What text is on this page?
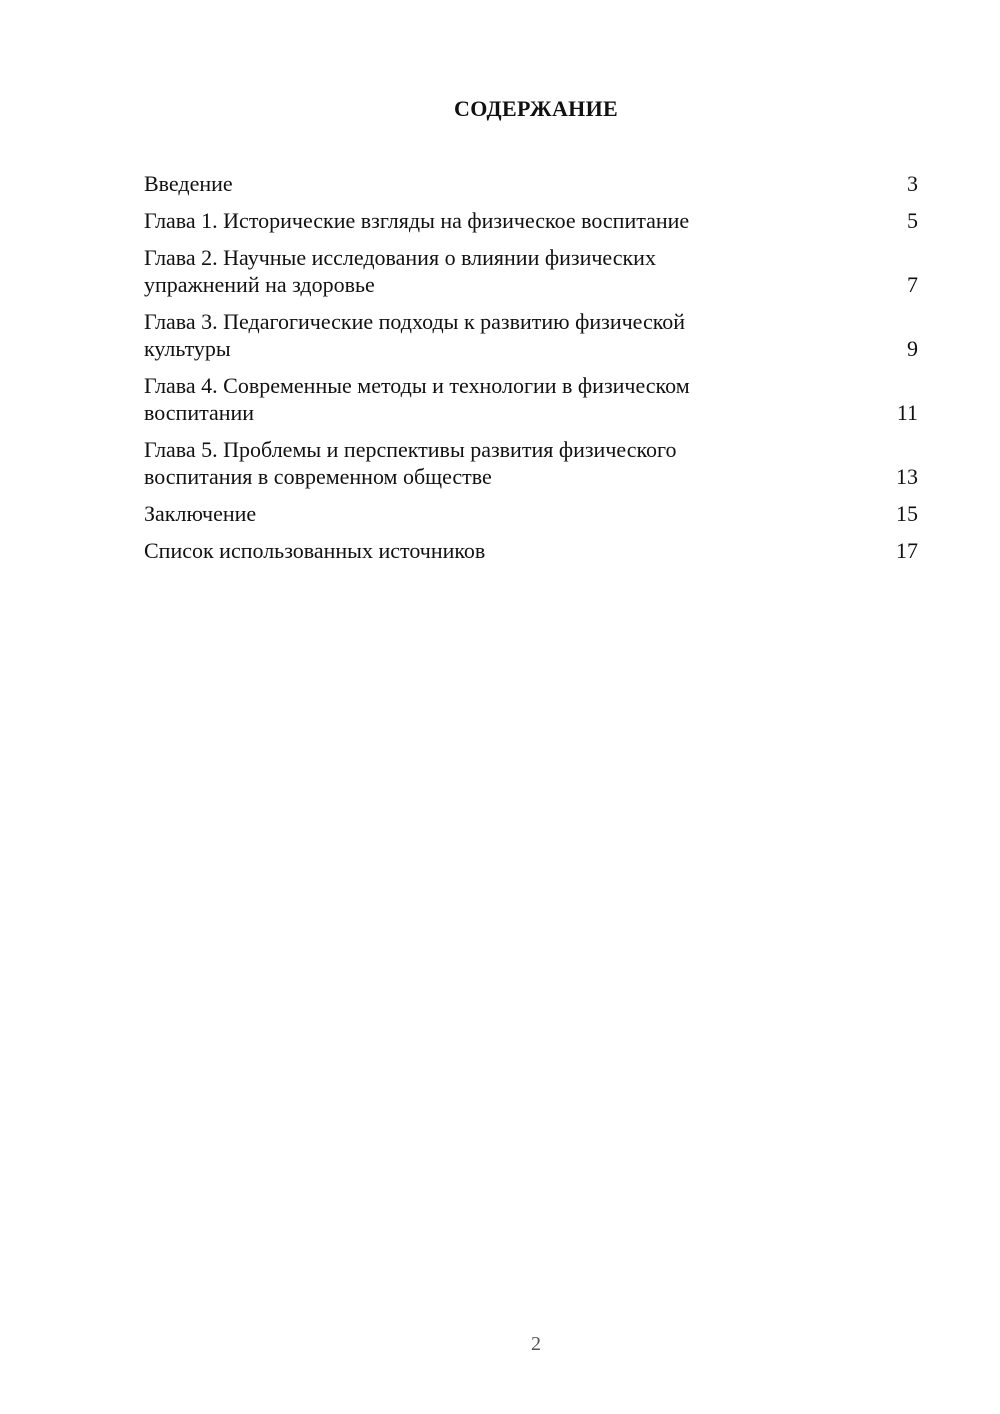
СОДЕРЖАНИЕ
Введение	3
Глава 1. Исторические взгляды на физическое воспитание	5
Глава 2. Научные исследования о влиянии физических упражнений на здоровье	7
Глава 3. Педагогические подходы к развитию физической культуры	9
Глава 4. Современные методы и технологии в физическом воспитании	11
Глава 5. Проблемы и перспективы развития физического воспитания в современном обществе	13
Заключение	15
Список использованных источников	17
2
